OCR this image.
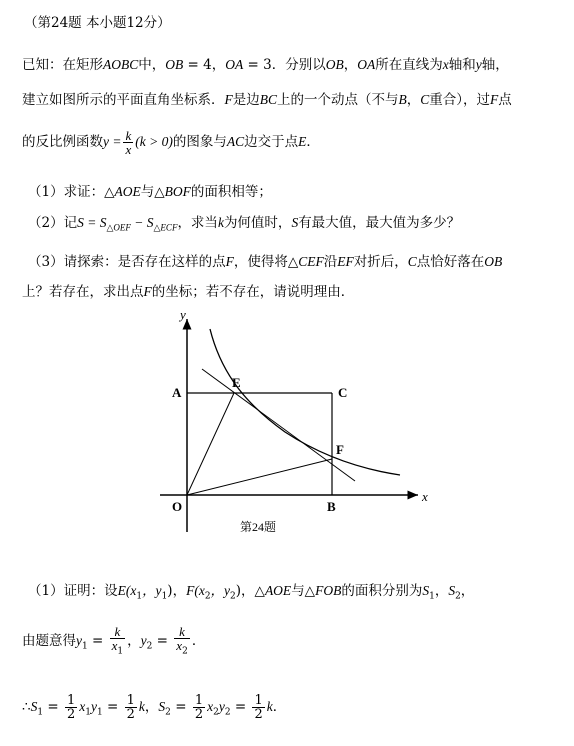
（第24题 本小题12分）
已知：在矩形AOBC中，OB = 4，OA = 3．分别以OB，OA所在直线为x轴和y轴，
建立如图所示的平面直角坐标系．F是边BC上的一个动点（不与B，C重合），过F点
的反比例函数$y = \frac{k}{x} (k > 0)$的图象与AC边交于点E．
（1）求证：△AOE与△BOF的面积相等；
（2）记$S = S_{\triangle OEF} - S_{\triangle ECF}$，求当k为何值时，S有最大值，最大值为多少？
（3）请探索：是否存在这样的点F，使得将△CEF沿EF对折后，C点恰好落在OB
上？若存在，求出点F的坐标；若不存在，请说明理由．
y
x
A
E
C
F
O	B
第24题
（1）证明：设$E(x_1$，$y_1$)，$F(x_2$，$y_2$)，△AOE与△FOB的面积分别为$S_1$，$S_2$，
由题意得$y_1 = \frac{k}{x_1}$ ，$y_2 = \frac{k}{x_2}$ ．
$\therefore S_1 = \frac{1}{2} x_1y_1 = \frac{1}{2}$ k，$S_2 = \frac{1}{2} x_2y_2 = \frac{1}{2}$ k．
